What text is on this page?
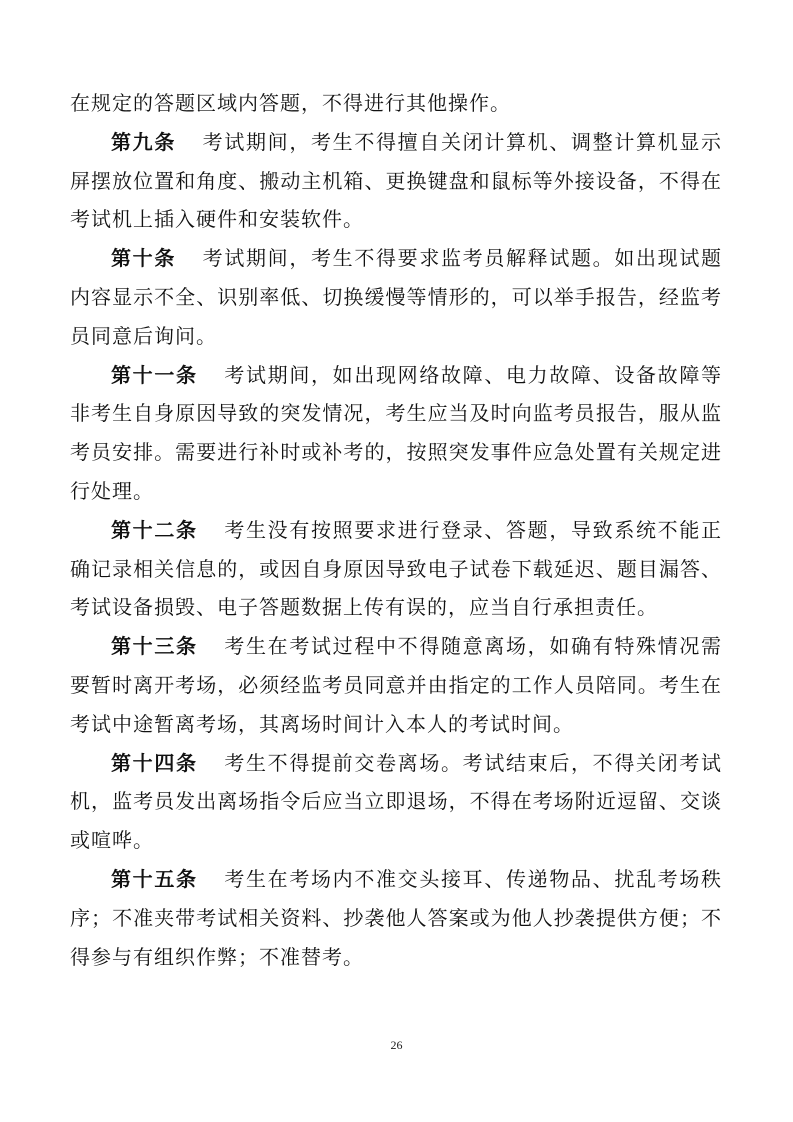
在规定的答题区域内答题，不得进行其他操作。

第九条 考试期间，考生不得擅自关闭计算机、调整计算机显示屏摆放位置和角度、搬动主机箱、更换键盘和鼠标等外接设备，不得在考试机上插入硬件和安装软件。

第十条 考试期间，考生不得要求监考员解释试题。如出现试题内容显示不全、识别率低、切换缓慢等情形的，可以举手报告，经监考员同意后询问。

第十一条 考试期间，如出现网络故障、电力故障、设备故障等非考生自身原因导致的突发情况，考生应当及时向监考员报告，服从监考员安排。需要进行补时或补考的，按照突发事件应急处置有关规定进行处理。

第十二条 考生没有按照要求进行登录、答题，导致系统不能正确记录相关信息的，或因自身原因导致电子试卷下载延迟、题目漏答、考试设备损毁、电子答题数据上传有误的，应当自行承担责任。

第十三条 考生在考试过程中不得随意离场，如确有特殊情况需要暂时离开考场，必须经监考员同意并由指定的工作人员陪同。考生在考试中途暂离考场，其离场时间计入本人的考试时间。

第十四条 考生不得提前交卷离场。考试结束后，不得关闭考试机，监考员发出离场指令后应当立即退场，不得在考场附近逗留、交谈或喧哗。

第十五条 考生在考场内不准交头接耳、传递物品、扰乱考场秩序；不准夹带考试相关资料、抄袭他人答案或为他人抄袭提供方便；不得参与有组织作弊；不准替考。

26
